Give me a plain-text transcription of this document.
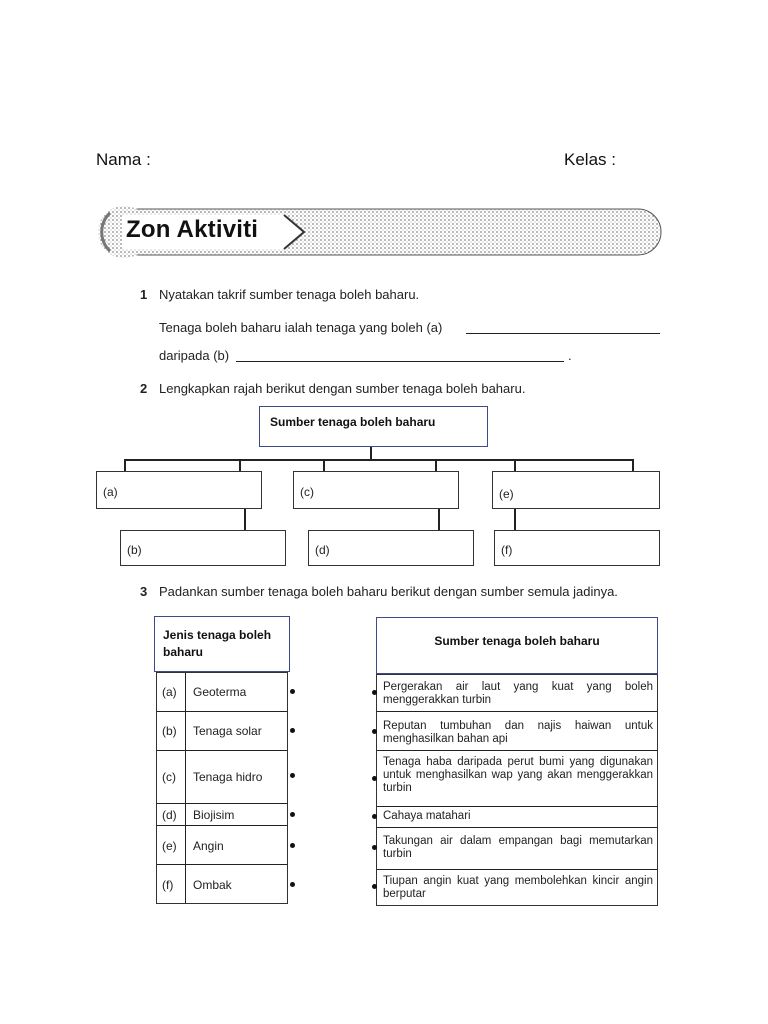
Nama :	Kelas :
Zon Aktiviti
1 Nyatakan takrif sumber tenaga boleh baharu.
Tenaga boleh baharu ialah tenaga yang boleh (a)
daripada (b)	.
2 Lengkapkan rajah berikut dengan sumber tenaga boleh baharu.
Sumber tenaga boleh baharu
(a)	(c)	(e)
(b)	(d)	(f)
3 Padankan sumber tenaga boleh baharu berikut dengan sumber semula jadinya.
Jenis tenaga boleh baharu
(a) Geoterma
(b) Tenaga solar
(c) Tenaga hidro
(d) Biojisim
(e) Angin
(f) Ombak
Sumber tenaga boleh baharu
Pergerakan air laut yang kuat yang boleh menggerakkan turbin
Reputan tumbuhan dan najis haiwan untuk menghasilkan bahan api
Tenaga haba daripada perut bumi yang digunakan untuk menghasilkan wap yang akan menggerakkan turbin
Cahaya matahari
Takungan air dalam empangan bagi memutarkan turbin
Tiupan angin kuat yang membolehkan kincir angin berputar
